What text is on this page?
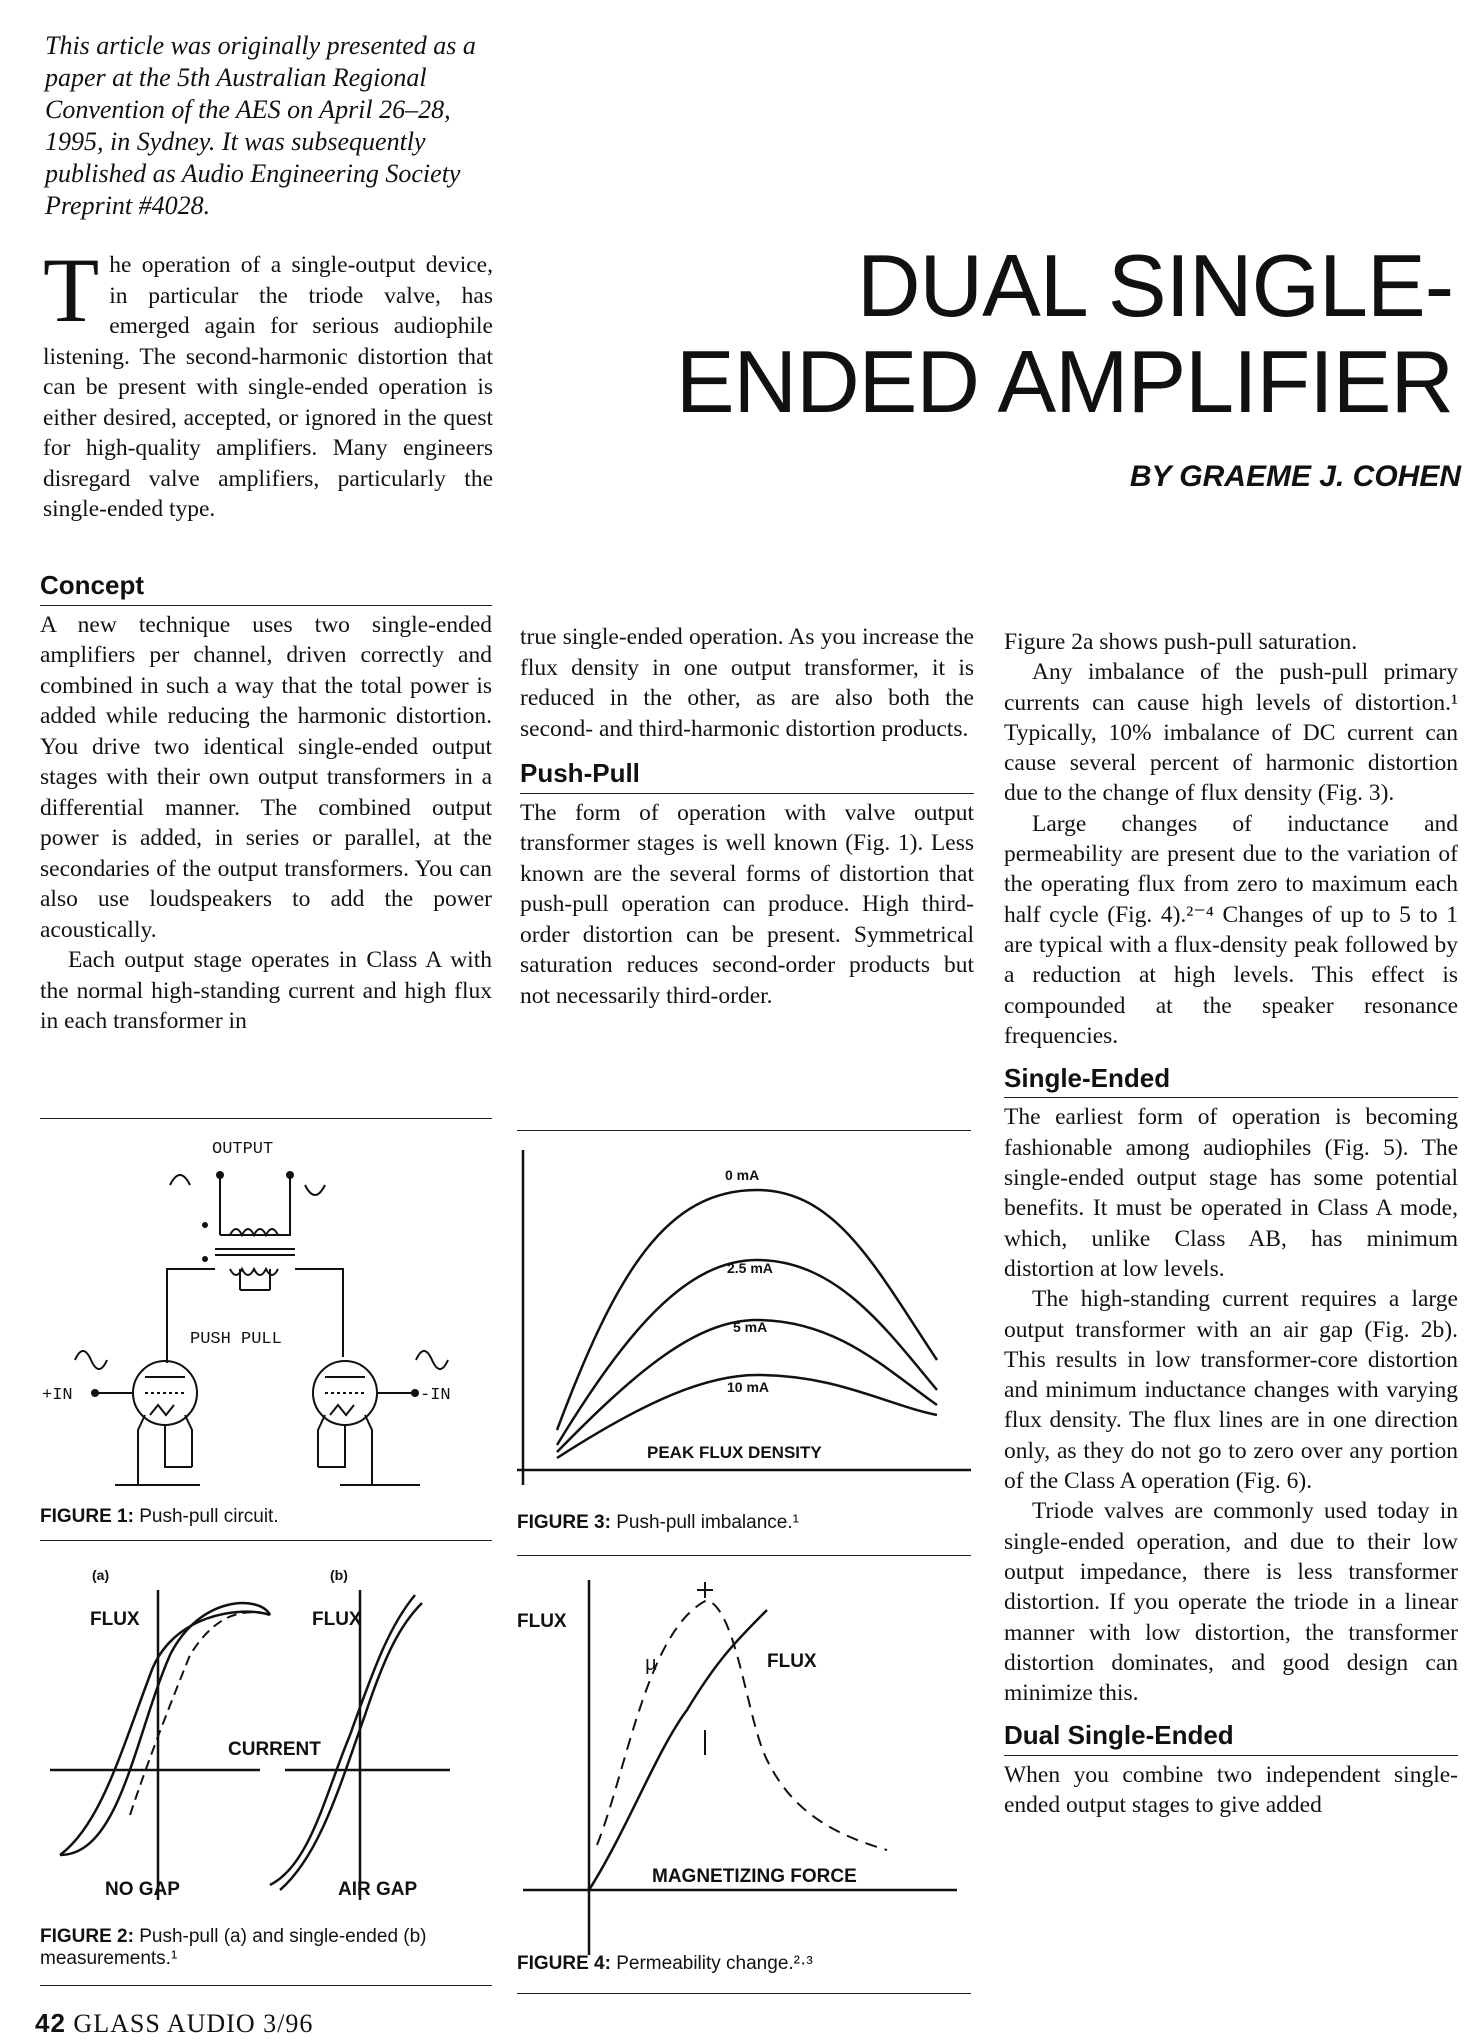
This article was originally presented as a paper at the 5th Australian Regional Convention of the AES on April 26–28, 1995, in Sydney. It was subsequently published as Audio Engineering Society Preprint #4028.
DUAL SINGLE-
ENDED AMPLIFIER
BY GRAEME J. COHEN
T he operation of a single-output device, in particular the triode valve, has emerged again for serious audiophile listening. The second-harmonic distortion that can be present with single-ended operation is either desired, accepted, or ignored in the quest for high-quality amplifiers. Many engineers disregard valve amplifiers, particularly the single-ended type.
Concept

A new technique uses two single-ended amplifiers per channel, driven correctly and combined in such a way that the total power is added while reducing the harmonic distortion. You drive two identical single-ended output stages with their own output transformers in a differential manner. The combined output power is added, in series or parallel, at the secondaries of the output transformers. You can also use loudspeakers to add the power acoustically.

Each output stage operates in Class A with the normal high-standing current and high flux in each transformer in

true single-ended operation. As you increase the flux density in one output transformer, it is reduced in the other, as are also both the second- and third-harmonic distortion products.

Push-Pull

The form of operation with valve output transformer stages is well known (Fig. 1). Less known are the several forms of distortion that push-pull operation can produce. High third-order distortion can be present. Symmetrical saturation reduces second-order products but not necessarily third-order.

Figure 2a shows push-pull saturation.

Any imbalance of the push-pull primary currents can cause high levels of distortion.¹ Typically, 10% imbalance of DC current can cause several percent of harmonic distortion due to the change of flux density (Fig. 3).

Large changes of inductance and permeability are present due to the variation of the operating flux from zero to maximum each half cycle (Fig. 4).²⁻⁴ Changes of up to 5 to 1 are typical with a flux-density peak followed by a reduction at high levels. This effect is compounded at the speaker resonance frequencies.

Single-Ended

The earliest form of operation is becoming fashionable among audiophiles (Fig. 5). The single-ended output stage has some potential benefits. It must be operated in Class A mode, which, unlike Class AB, has minimum distortion at low levels.

The high-standing current requires a large output transformer with an air gap (Fig. 2b). This results in low transformer-core distortion and minimum inductance changes with varying flux density. The flux lines are in one direction only, as they do not go to zero over any portion of the Class A operation (Fig. 6).

Triode valves are commonly used today in single-ended operation, and due to their low output impedance, there is less transformer distortion. If you operate the triode in a linear manner with low distortion, the transformer distortion dominates, and good design can minimize this.

Dual Single-Ended

When you combine two independent single-ended output stages to give added

OUTPUT
PUSH PULL
+IN	-IN
FIGURE 1: Push-pull circuit.
(a)	(b)
FLUX	FLUX
CURRENT
NO GAP	AIR GAP
FIGURE 2: Push-pull (a) and single-ended (b) measurements.¹
0 mA
2.5 mA
5 mA
10 mA
PEAK FLUX DENSITY
FIGURE 3: Push-pull imbalance.¹
FLUX
μ	FLUX
MAGNETIZING FORCE
FIGURE 4: Permeability change.²·³
42 GLASS AUDIO 3/96
